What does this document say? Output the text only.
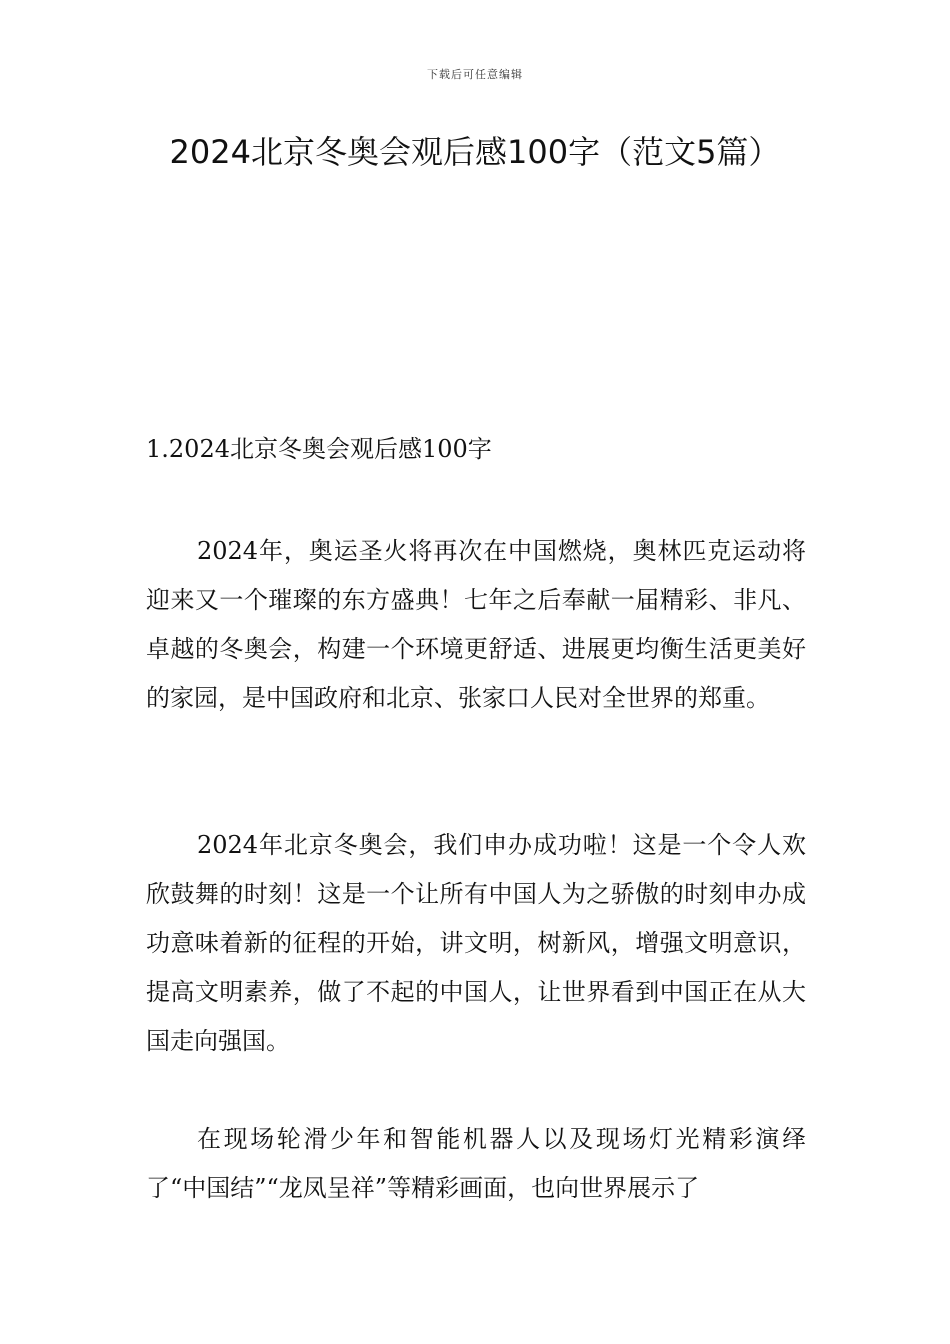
下载后可任意编辑
2024北京冬奥会观后感100字（范文5篇）
1.2024北京冬奥会观后感100字

2024年，奥运圣火将再次在中国燃烧，奥林匹克运动将迎来又一个璀璨的东方盛典！七年之后奉献一届精彩、非凡、卓越的冬奥会，构建一个环境更舒适、进展更均衡生活更美好的家园，是中国政府和北京、张家口人民对全世界的郑重。

2024年北京冬奥会，我们申办成功啦！这是一个令人欢欣鼓舞的时刻！这是一个让所有中国人为之骄傲的时刻申办成功意味着新的征程的开始，讲文明，树新风，增强文明意识，提高文明素养，做了不起的中国人，让世界看到中国正在从大国走向强国。

在现场轮滑少年和智能机器人以及现场灯光精彩演绎了“中国结”“龙凤呈祥”等精彩画面，也向世界展示了
